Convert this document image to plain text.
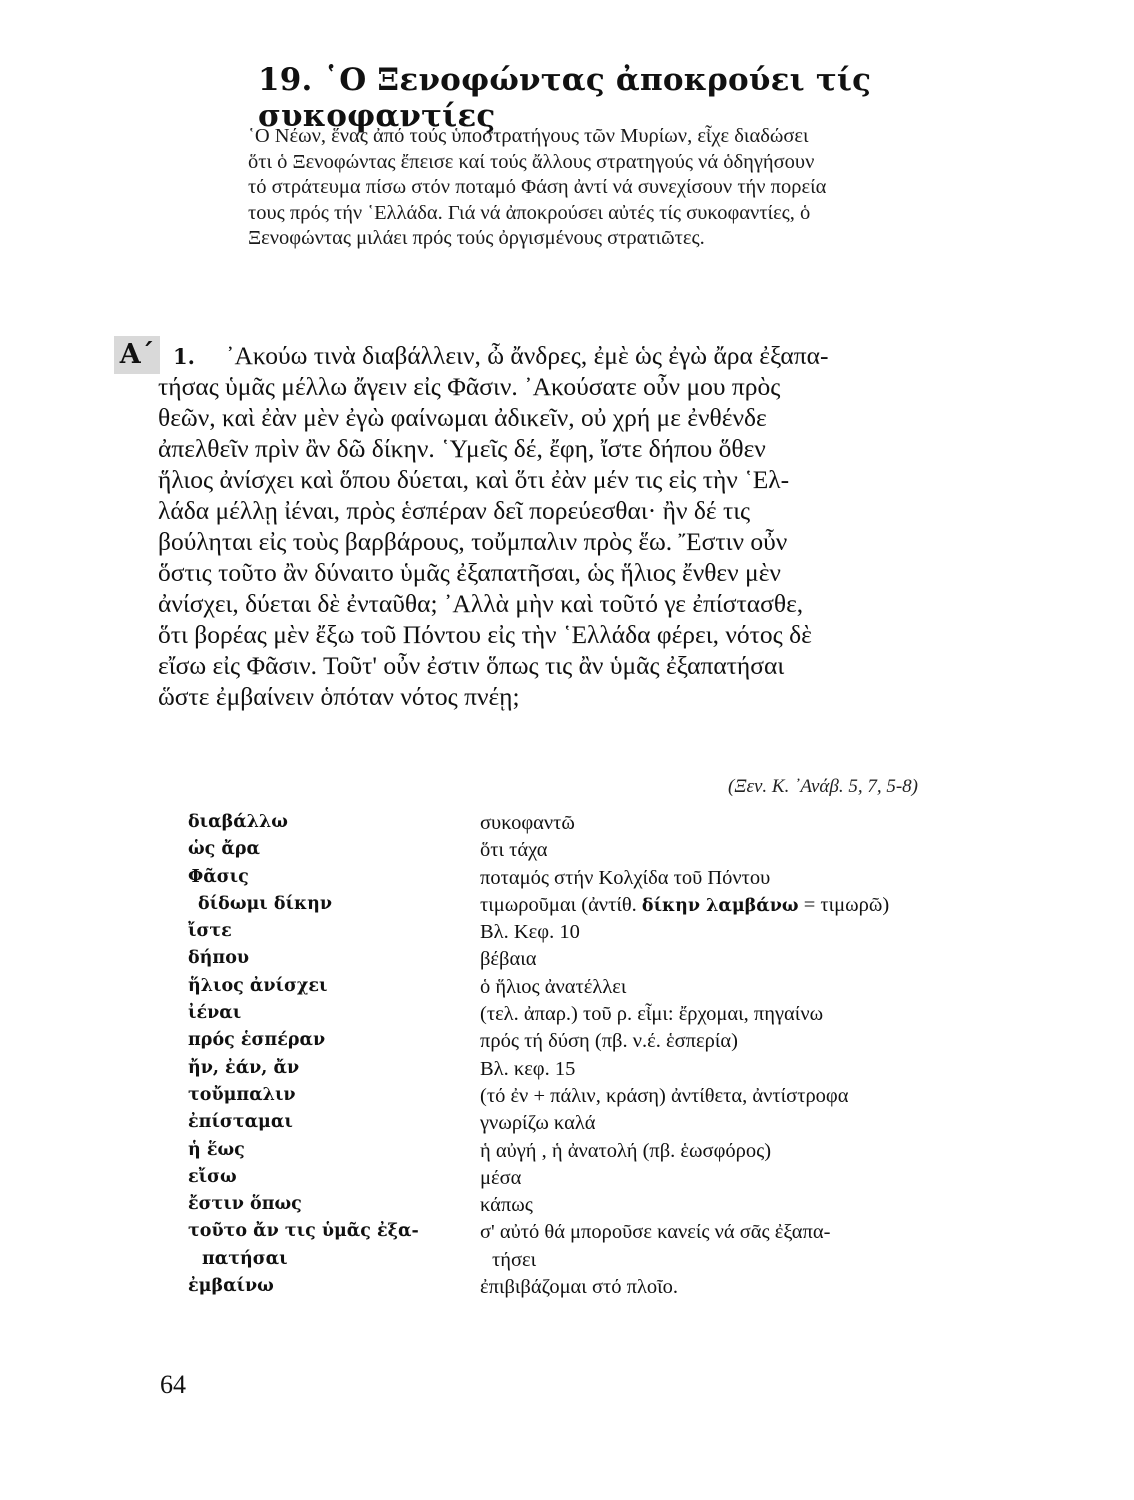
19. ῾Ο Ξενοφώντας ἀποκρούει τίς συκοφαντίες

῾Ο Νέων, ἕνας ἀπό τούς ὑποστρατήγους τῶν Μυρίων, εἶχε διαδώσει
ὅτι ὁ Ξενοφώντας ἔπεισε καί τούς ἄλλους στρατηγούς νά ὁδηγήσουν
τό στράτευμα πίσω στόν ποταμό Φάση ἀντί νά συνεχίσουν τήν πορεία
τους πρός τήν ῾Ελλάδα. Γιά νά ἀποκρούσει αὐτές τίς συκοφαντίες, ὁ
Ξενοφώντας μιλάει πρός τούς ὀργισμένους στρατιῶτες.

Α΄ 1.	᾿Ακούω τινὰ διαβάλλειν, ὦ ἄνδρες, ἐμὲ ὡς ἐγὼ ἄρα ἐξαπα-
τήσας ὑμᾶς μέλλω ἄγειν εἰς Φᾶσιν. ᾿Ακούσατε οὖν μου πρὸς
θεῶν, καὶ ἐὰν μὲν ἐγὼ φαίνωμαι ἀδικεῖν, οὐ χρή με ἐνθένδε
ἀπελθεῖν πρὶν ἂν δῶ δίκην. ῾Υμεῖς δέ, ἔφη, ἴστε δήπου ὅθεν
ἥλιος ἀνίσχει καὶ ὅπου δύεται, καὶ ὅτι ἐὰν μέν τις εἰς τὴν ῾Ελ-
λάδα μέλλῃ ἰέναι, πρὸς ἑσπέραν δεῖ πορεύεσθαι· ἢν δέ τις
βούληται εἰς τοὺς βαρβάρους, τοὔμπαλιν πρὸς ἕω. Ἔστιν οὖν
ὅστις τοῦτο ἂν δύναιτο ὑμᾶς ἐξαπατῆσαι, ὡς ἥλιος ἔνθεν μὲν
ἀνίσχει, δύεται δὲ ἐνταῦθα; ᾿Αλλὰ μὴν καὶ τοῦτό γε ἐπίστασθε,
ὅτι βορέας μὲν ἔξω τοῦ Πόντου εἰς τὴν ῾Ελλάδα φέρει, νότος δὲ
εἴσω εἰς Φᾶσιν. Τοῦτ' οὖν ἐστιν ὅπως τις ἂν ὑμᾶς ἐξαπατήσαι
ὥστε ἐμβαίνειν ὁπόταν νότος πνέῃ;

(Ξεν. Κ. ᾿Ανάβ. 5, 7, 5-8)
διαβάλλω	συκοφαντῶ
ὡς ἄρα	ὅτι τάχα
Φᾶσις	ποταμός στήν Κολχίδα τοῦ Πόντου
δίδωμι δίκην	τιμωροῦμαι (ἀντίθ. δίκην λαμβάνω = τιμωρῶ)
ἴστε	Βλ. Κεφ. 10
δήπου	βέβαια
ἥλιος ἀνίσχει	ὁ ἥλιος ἀνατέλλει
ἰέναι	(τελ. ἀπαρ.) τοῦ ρ. εἶμι: ἔρχομαι, πηγαίνω
πρός ἑσπέραν	πρός τή δύση (πβ. ν.έ. ἑσπερία)
ἤν, ἐάν, ἄν	Βλ. κεφ. 15
τοὔμπαλιν	(τό ἐν + πάλιν, κράση) ἀντίθετα, ἀντίστροφα
ἐπίσταμαι	γνωρίζω καλά
ἡ ἕως	ἡ αὐγή , ἡ ἀνατολή (πβ. ἑωσφόρος)
εἴσω	μέσα
ἔστιν ὅπως	κάπως
τοῦτο ἄν τις ὑμᾶς ἐξα-	σ' αὐτό θά μποροῦσε κανείς νά σᾶς ἐξαπα-
πατήσαι	τήσει
ἐμβαίνω	ἐπιβιβάζομαι στό πλοῖο.
64
